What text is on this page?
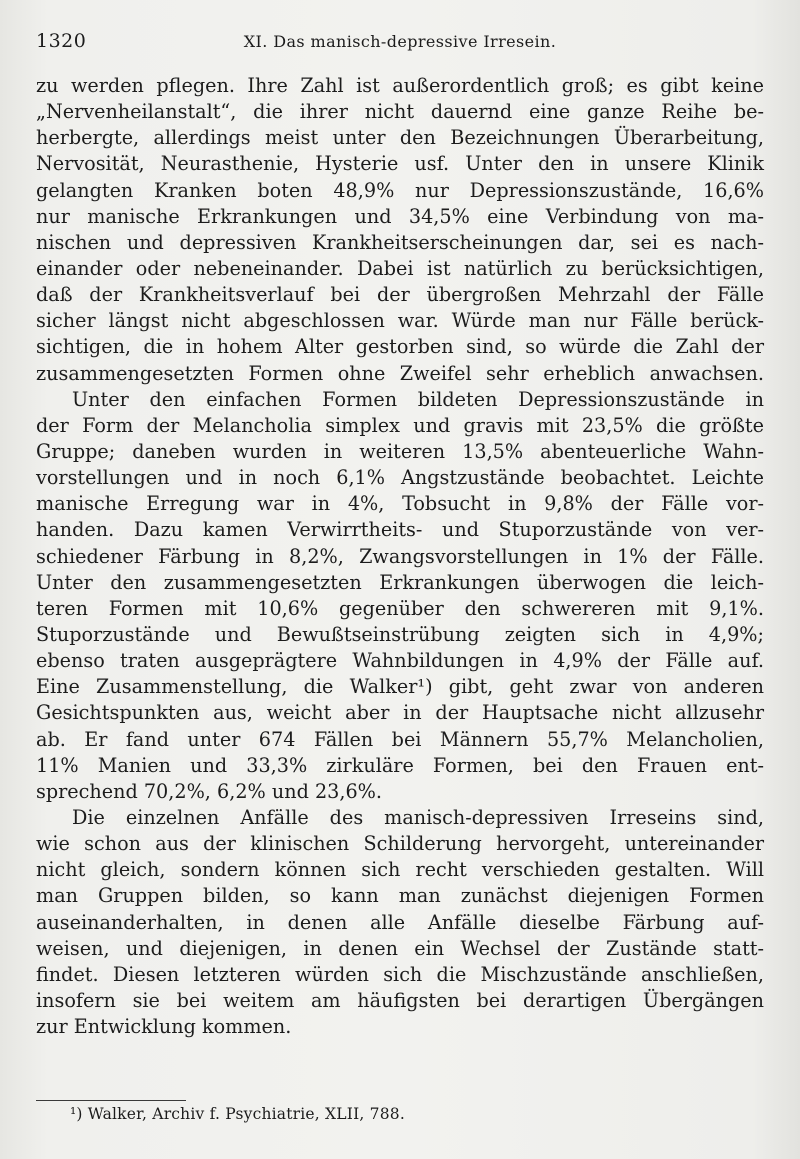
1320	XI. Das manisch-depressive Irresein.
zu werden pflegen. Ihre Zahl ist außerordentlich groß; es gibt keine
„Nervenheilanstalt“, die ihrer nicht dauernd eine ganze Reihe be-
herbergte, allerdings meist unter den Bezeichnungen Überarbeitung,
Nervosität, Neurasthenie, Hysterie usf. Unter den in unsere Klinik
gelangten Kranken boten 48,9% nur Depressionszustände, 16,6%
nur manische Erkrankungen und 34,5% eine Verbindung von ma-
nischen und depressiven Krankheitserscheinungen dar, sei es nach-
einander oder nebeneinander. Dabei ist natürlich zu berücksichtigen,
daß der Krankheitsverlauf bei der übergroßen Mehrzahl der Fälle
sicher längst nicht abgeschlossen war. Würde man nur Fälle berück-
sichtigen, die in hohem Alter gestorben sind, so würde die Zahl der
zusammengesetzten Formen ohne Zweifel sehr erheblich anwachsen.
Unter den einfachen Formen bildeten Depressionszustände in
der Form der Melancholia simplex und gravis mit 23,5% die größte
Gruppe; daneben wurden in weiteren 13,5% abenteuerliche Wahn-
vorstellungen und in noch 6,1% Angstzustände beobachtet. Leichte
manische Erregung war in 4%, Tobsucht in 9,8% der Fälle vor-
handen. Dazu kamen Verwirrtheits- und Stuporzustände von ver-
schiedener Färbung in 8,2%, Zwangsvorstellungen in 1% der Fälle.
Unter den zusammengesetzten Erkrankungen überwogen die leich-
teren Formen mit 10,6% gegenüber den schwereren mit 9,1%.
Stuporzustände und Bewußtseinstrübung zeigten sich in 4,9%;
ebenso traten ausgeprägtere Wahnbildungen in 4,9% der Fälle auf.
Eine Zusammenstellung, die Walker¹) gibt, geht zwar von anderen
Gesichtspunkten aus, weicht aber in der Hauptsache nicht allzusehr
ab. Er fand unter 674 Fällen bei Männern 55,7% Melancholien,
11% Manien und 33,3% zirkuläre Formen, bei den Frauen ent-
sprechend 70,2%, 6,2% und 23,6%.
Die einzelnen Anfälle des manisch-depressiven Irreseins sind,
wie schon aus der klinischen Schilderung hervorgeht, untereinander
nicht gleich, sondern können sich recht verschieden gestalten. Will
man Gruppen bilden, so kann man zunächst diejenigen Formen
auseinanderhalten, in denen alle Anfälle dieselbe Färbung auf-
weisen, und diejenigen, in denen ein Wechsel der Zustände statt-
findet. Diesen letzteren würden sich die Mischzustände anschließen,
insofern sie bei weitem am häufigsten bei derartigen Übergängen
zur Entwicklung kommen.
¹) Walker, Archiv f. Psychiatrie, XLII, 788.
